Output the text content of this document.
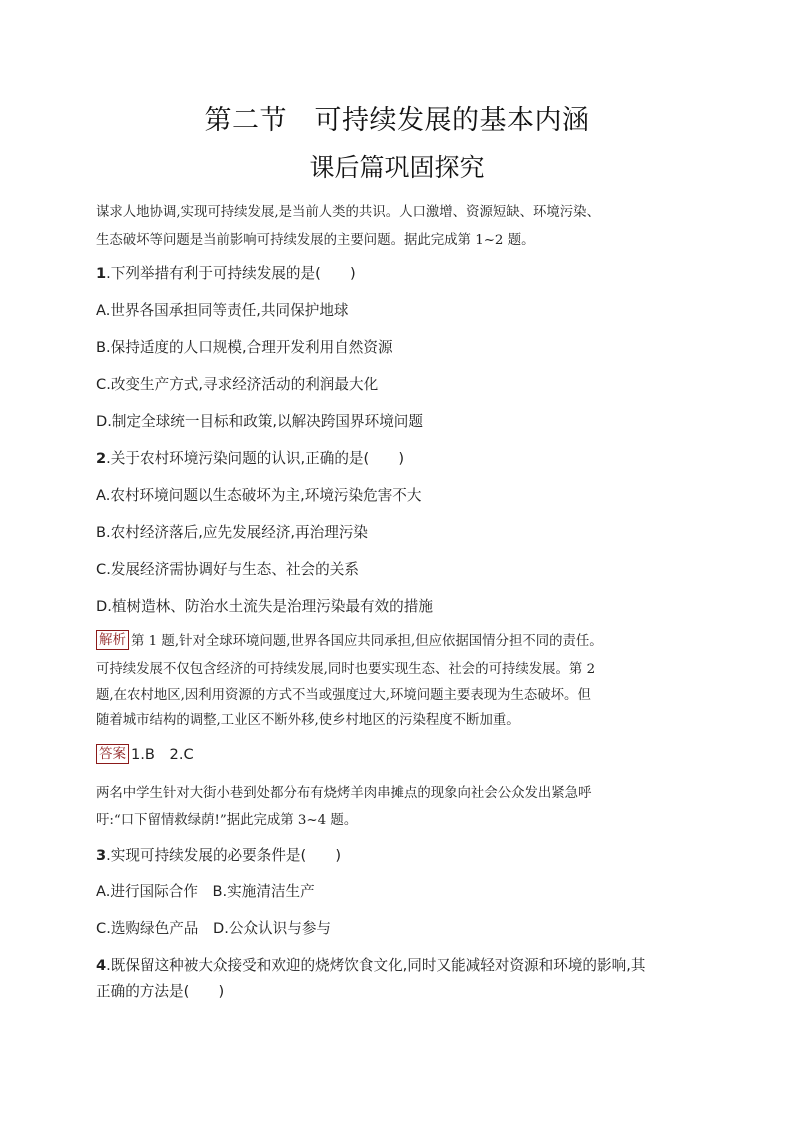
第二节　可持续发展的基本内涵
课后篇巩固探究
谋求人地协调,实现可持续发展,是当前人类的共识。人口激增、资源短缺、环境污染、
生态破坏等问题是当前影响可持续发展的主要问题。据此完成第 1~2 题。
1.下列举措有利于可持续发展的是(　　)
A.世界各国承担同等责任,共同保护地球
B.保持适度的人口规模,合理开发利用自然资源
C.改变生产方式,寻求经济活动的利润最大化
D.制定全球统一目标和政策,以解决跨国界环境问题
2.关于农村环境污染问题的认识,正确的是(　　)
A.农村环境问题以生态破坏为主,环境污染危害不大
B.农村经济落后,应先发展经济,再治理污染
C.发展经济需协调好与生态、社会的关系
D.植树造林、防治水土流失是治理污染最有效的措施
解析 第 1 题,针对全球环境问题,世界各国应共同承担,但应依据国情分担不同的责任。
可持续发展不仅包含经济的可持续发展,同时也要实现生态、社会的可持续发展。第 2
题,在农村地区,因利用资源的方式不当或强度过大,环境问题主要表现为生态破坏。但
随着城市结构的调整,工业区不断外移,使乡村地区的污染程度不断加重。
答案 1.B　2.C
两名中学生针对大街小巷到处都分布有烧烤羊肉串摊点的现象向社会公众发出紧急呼
吁:“口下留情救绿荫!”据此完成第 3~4 题。
3.实现可持续发展的必要条件是(　　)
A.进行国际合作　B.实施清洁生产
C.选购绿色产品　D.公众认识与参与
4.既保留这种被大众接受和欢迎的烧烤饮食文化,同时又能减轻对资源和环境的影响,其
正确的方法是(　　)
